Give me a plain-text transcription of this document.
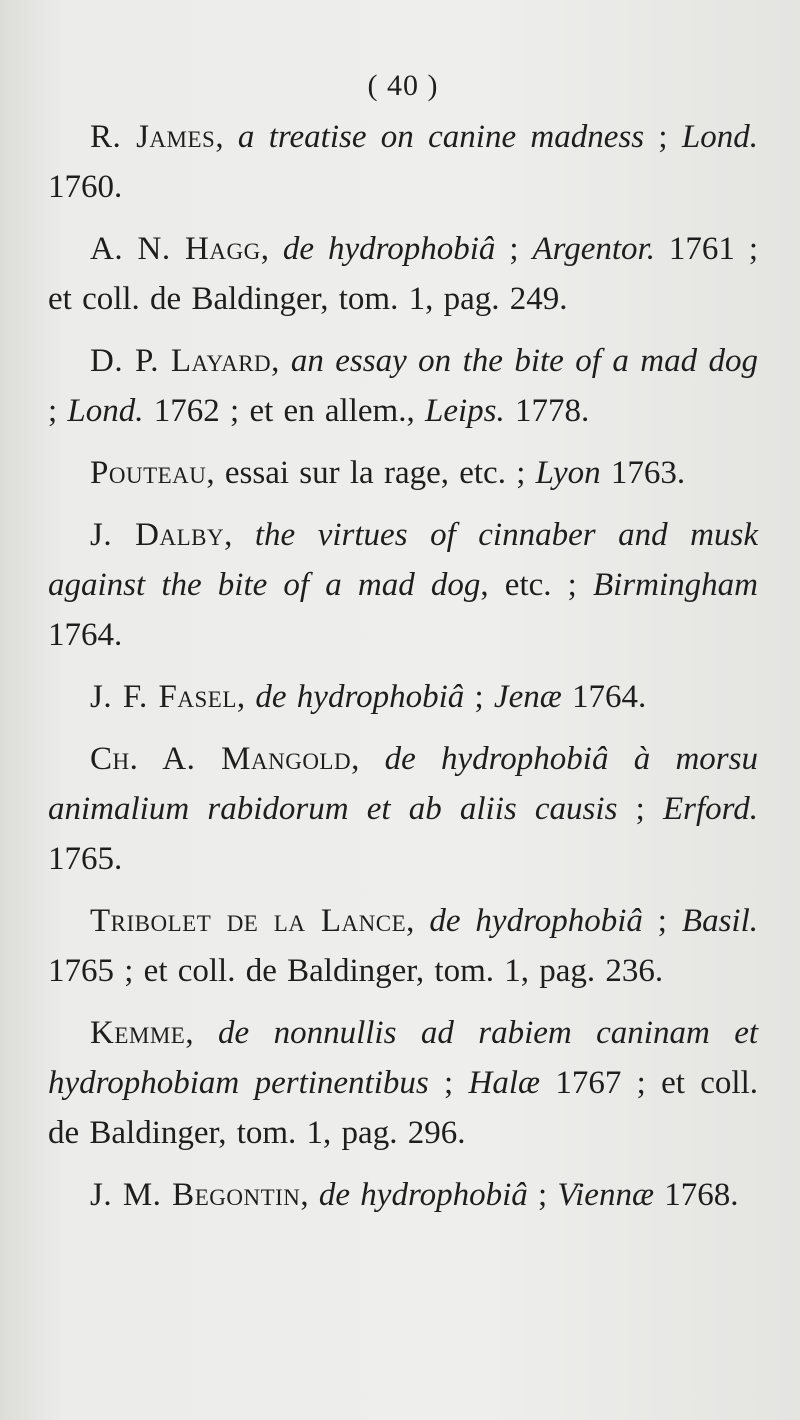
( 40 )

R. James, a treatise on canine madness ; Lond. 1760.

A. N. Hagg, de hydrophobiâ ; Argentor. 1761 ; et coll. de Baldinger, tom. 1, pag. 249.

D. P. Layard, an essay on the bite of a mad dog ; Lond. 1762 ; et en allem., Leips. 1778.

Pouteau, essai sur la rage, etc. ; Lyon 1763.

J. Dalby, the virtues of cinnaber and musk against the bite of a mad dog, etc. ; Birmingham 1764.

J. F. Fasel, de hydrophobiâ ; Jenæ 1764.

Ch. A. Mangold, de hydrophobiâ à morsu animalium rabidorum et ab aliis causis ; Erford. 1765.

Tribolet de la Lance, de hydrophobiâ ; Basil. 1765 ; et coll. de Baldinger, tom. 1, pag. 236.

Kemme, de nonnullis ad rabiem caninam et hydrophobiam pertinentibus ; Halæ 1767 ; et coll. de Baldinger, tom. 1, pag. 296.

J. M. Begontin, de hydrophobiâ ; Viennæ 1768.
